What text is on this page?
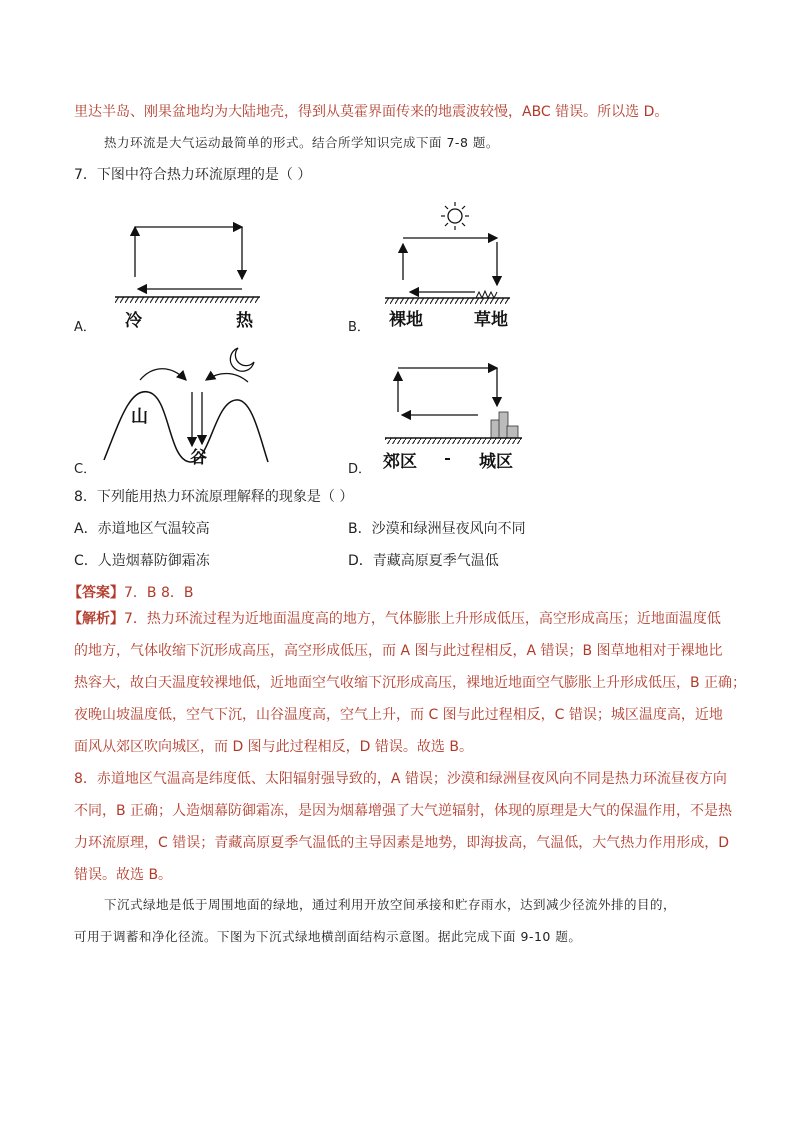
里达半岛、刚果盆地均为大陆地壳，得到从莫霍界面传来的地震波较慢，ABC 错误。所以选 D。
热力环流是大气运动最简单的形式。结合所学知识完成下面 7-8 题。
7．下图中符合热力环流原理的是（ ）
A． 冷	热	B． 裸地	草地
C．
山
谷
D． 郊区	城区
8．下列能用热力环流原理解释的现象是（ ）
A．赤道地区气温较高	B．沙漠和绿洲昼夜风向不同
C．人造烟幕防御霜冻	D．青藏高原夏季气温低
【答案】7．B 8．B
【解析】7．热力环流过程为近地面温度高的地方，气体膨胀上升形成低压，高空形成高压；近地面温度低
的地方，气体收缩下沉形成高压，高空形成低压，而 A 图与此过程相反，A 错误；B 图草地相对于裸地比
热容大，故白天温度较裸地低，近地面空气收缩下沉形成高压，裸地近地面空气膨胀上升形成低压，B 正确；
夜晚山坡温度低，空气下沉，山谷温度高，空气上升，而 C 图与此过程相反，C 错误；城区温度高，近地
面风从郊区吹向城区，而 D 图与此过程相反，D 错误。故选 B。
8．赤道地区气温高是纬度低、太阳辐射强导致的，A 错误；沙漠和绿洲昼夜风向不同是热力环流昼夜方向
不同，B 正确；人造烟幕防御霜冻，是因为烟幕增强了大气逆辐射，体现的原理是大气的保温作用，不是热
力环流原理，C 错误；青藏高原夏季气温低的主导因素是地势，即海拔高，气温低，大气热力作用形成，D
错误。故选 B。
下沉式绿地是低于周围地面的绿地，通过利用开放空间承接和贮存雨水，达到减少径流外排的目的，
可用于调蓄和净化径流。下图为下沉式绿地横剖面结构示意图。据此完成下面 9-10 题。
